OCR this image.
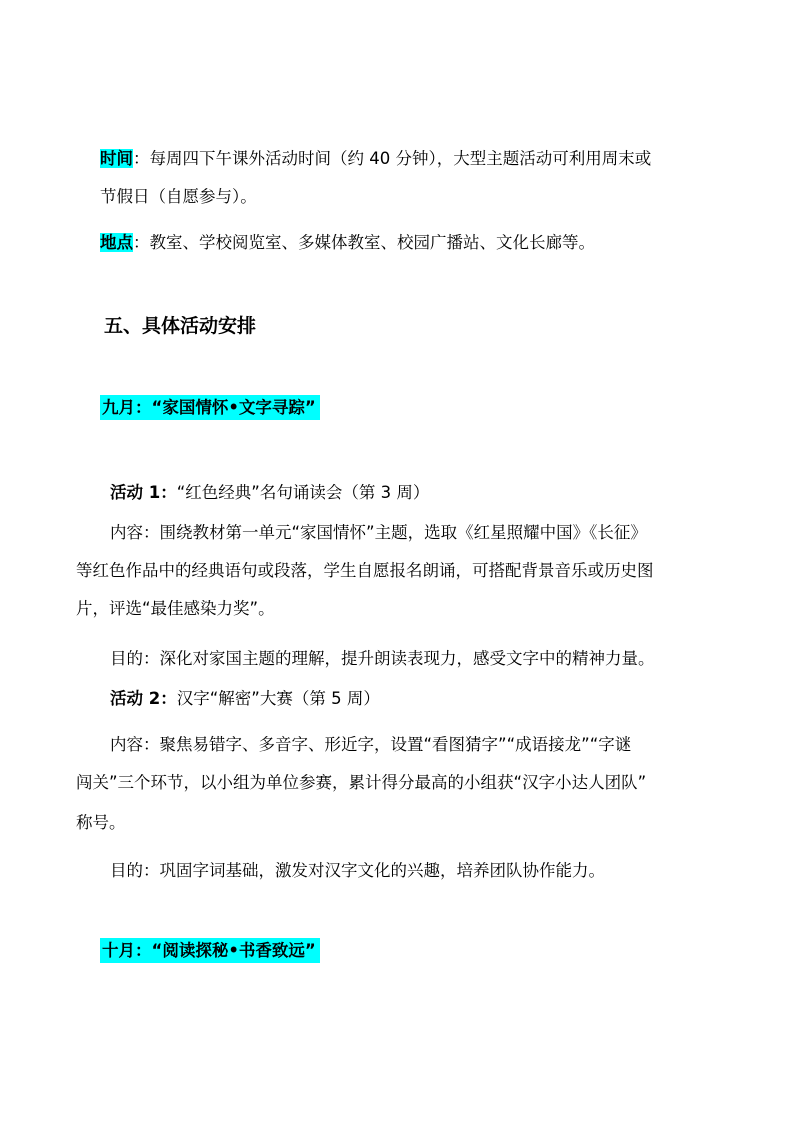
时间：每周四下午课外活动时间（约 40 分钟），大型主题活动可利用周末或
节假日（自愿参与）。
地点：教室、学校阅览室、多媒体教室、校园广播站、文化长廊等。
五、具体活动安排
九月：“家国情怀•文字寻踪”
活动 1：“红色经典”名句诵读会（第 3 周）
内容：围绕教材第一单元“家国情怀”主题，选取《红星照耀中国》《长征》
等红色作品中的经典语句或段落，学生自愿报名朗诵，可搭配背景音乐或历史图
片，评选“最佳感染力奖”。
目的：深化对家国主题的理解，提升朗读表现力，感受文字中的精神力量。
活动 2：汉字“解密”大赛（第 5 周）
内容：聚焦易错字、多音字、形近字，设置“看图猜字”“成语接龙”“字谜
闯关”三个环节，以小组为单位参赛，累计得分最高的小组获“汉字小达人团队”
称号。
目的：巩固字词基础，激发对汉字文化的兴趣，培养团队协作能力。
十月：“阅读探秘•书香致远”
